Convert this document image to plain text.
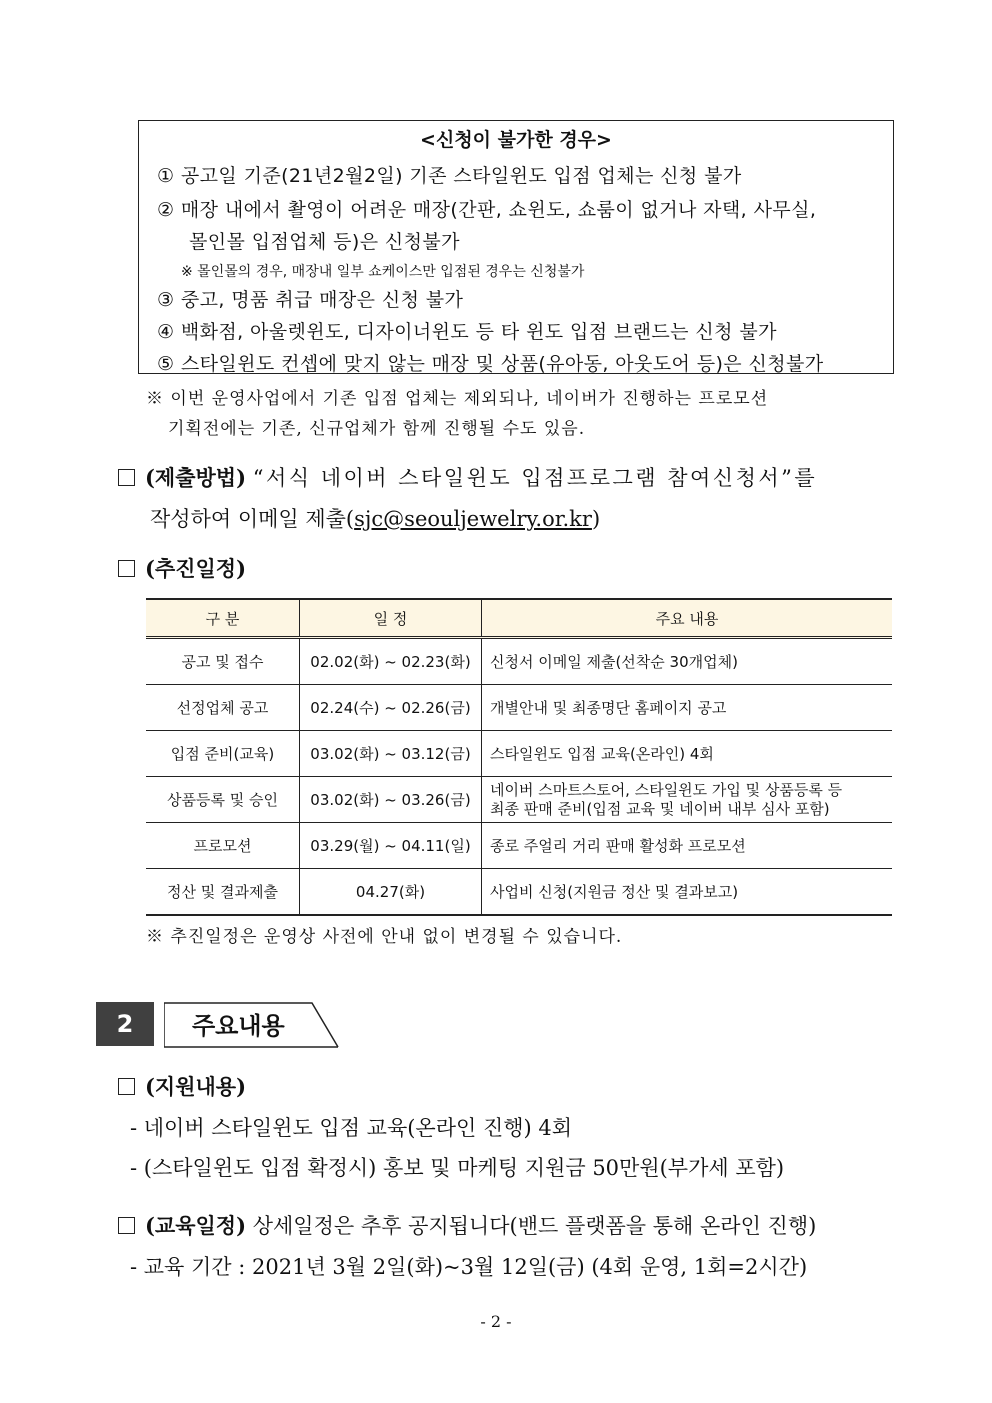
<신청이 불가한 경우>
① 공고일 기준(21년2월2일) 기존 스타일윈도 입점 업체는 신청 불가
② 매장 내에서 촬영이 어려운 매장(간판, 쇼윈도, 쇼룸이 없거나 자택, 사무실,
몰인몰 입점업체 등)은 신청불가
※ 몰인몰의 경우, 매장내 일부 쇼케이스만 입점된 경우는 신청불가
③ 중고, 명품 취급 매장은 신청 불가
④ 백화점, 아울렛윈도, 디자이너윈도 등 타 윈도 입점 브랜드는 신청 불가
⑤ 스타일윈도 컨셉에 맞지 않는 매장 및 상품(유아동, 아웃도어 등)은 신청불가
※ 이번 운영사업에서 기존 입점 업체는 제외되나, 네이버가 진행하는 프로모션
기획전에는 기존, 신규업체가 함께 진행될 수도 있음.
(제출방법) “서식 네이버 스타일윈도 입점프로그램 참여신청서”를
작성하여 이메일 제출(sjc@seouljewelry.or.kr)
(추진일정)
구 분	일 정	주요 내용
공고 및 접수	02.02(화) ~ 02.23(화)	신청서 이메일 제출(선착순 30개업체)
선정업체 공고	02.24(수) ~ 02.26(금)	개별안내 및 최종명단 홈페이지 공고
입점 준비(교육)	03.02(화) ~ 03.12(금)	스타일윈도 입점 교육(온라인) 4회
상품등록 및 승인	03.02(화) ~ 03.26(금)	네이버 스마트스토어, 스타일윈도 가입 및 상품등록 등
최종 판매 준비(입점 교육 및 네이버 내부 심사 포함)

프로모션	03.29(월) ~ 04.11(일)	종로 주얼리 거리 판매 활성화 프로모션
정산 및 결과제출	04.27(화)	사업비 신청(지원금 정산 및 결과보고)
※ 추진일정은 운영상 사전에 안내 없이 변경될 수 있습니다.
2	주요내용
(지원내용)
- 네이버 스타일윈도 입점 교육(온라인 진행) 4회
- (스타일윈도 입점 확정시) 홍보 및 마케팅 지원금 50만원(부가세 포함)
(교육일정) 상세일정은 추후 공지됩니다(밴드 플랫폼을 통해 온라인 진행)
- 교육 기간 : 2021년 3월 2일(화)~3월 12일(금) (4회 운영, 1회=2시간)
- 2 -
